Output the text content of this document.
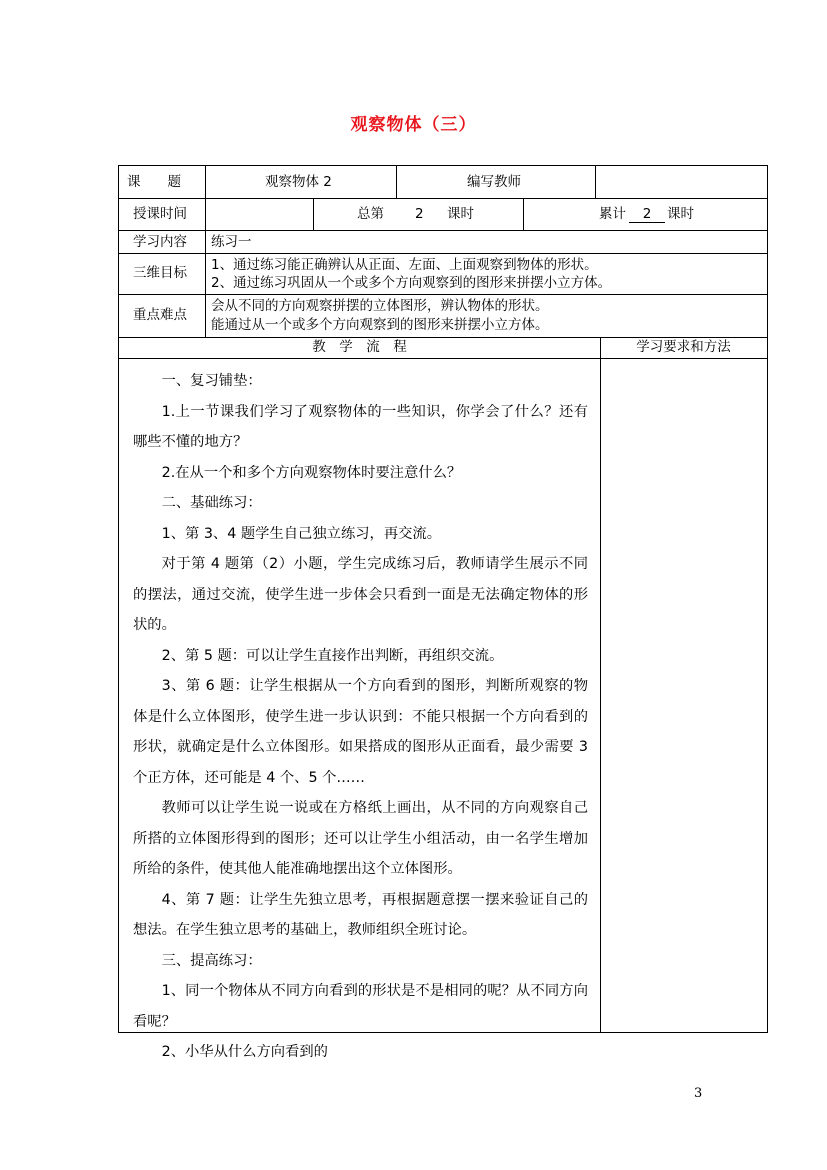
观察物体（三）
课　　题	观察物体 2	编写教师
授课时间	总第 2 课时	累计	2	课时
学习内容 练习一
三维目标 1、通过练习能正确辨认从正面、左面、上面观察到物体的形状。
2、通过练习巩固从一个或多个方向观察到的图形来拼摆小立方体。
重点难点
会从不同的方向观察拼摆的立体图形，辨认物体的形状。
能通过从一个或多个方向观察到的图形来拼摆小立方体。
教　学　流　程	学习要求和方法

一、复习铺垫：

1.上一节课我们学习了观察物体的一些知识，你学会了什么？还有哪些不懂的地方？

2.在从一个和多个方向观察物体时要注意什么？

二、基础练习：

1、第 3、4 题学生自己独立练习，再交流。

对于第 4 题第（2）小题，学生完成练习后，教师请学生展示不同的摆法，通过交流，使学生进一步体会只看到一面是无法确定物体的形状的。

2、第 5 题：可以让学生直接作出判断，再组织交流。

3、第 6 题：让学生根据从一个方向看到的图形，判断所观察的物体是什么立体图形，使学生进一步认识到：不能只根据一个方向看到的形状，就确定是什么立体图形。如果搭成的图形从正面看，最少需要 3 个正方体，还可能是 4 个、5 个……

教师可以让学生说一说或在方格纸上画出，从不同的方向观察自己所搭的立体图形得到的图形；还可以让学生小组活动，由一名学生增加所给的条件，使其他人能准确地摆出这个立体图形。

4、第 7 题：让学生先独立思考，再根据题意摆一摆来验证自己的想法。在学生独立思考的基础上，教师组织全班讨论。

三、提高练习：

1、同一个物体从不同方向看到的形状是不是相同的呢？从不同方向看呢？

2、小华从什么方向看到的

3
